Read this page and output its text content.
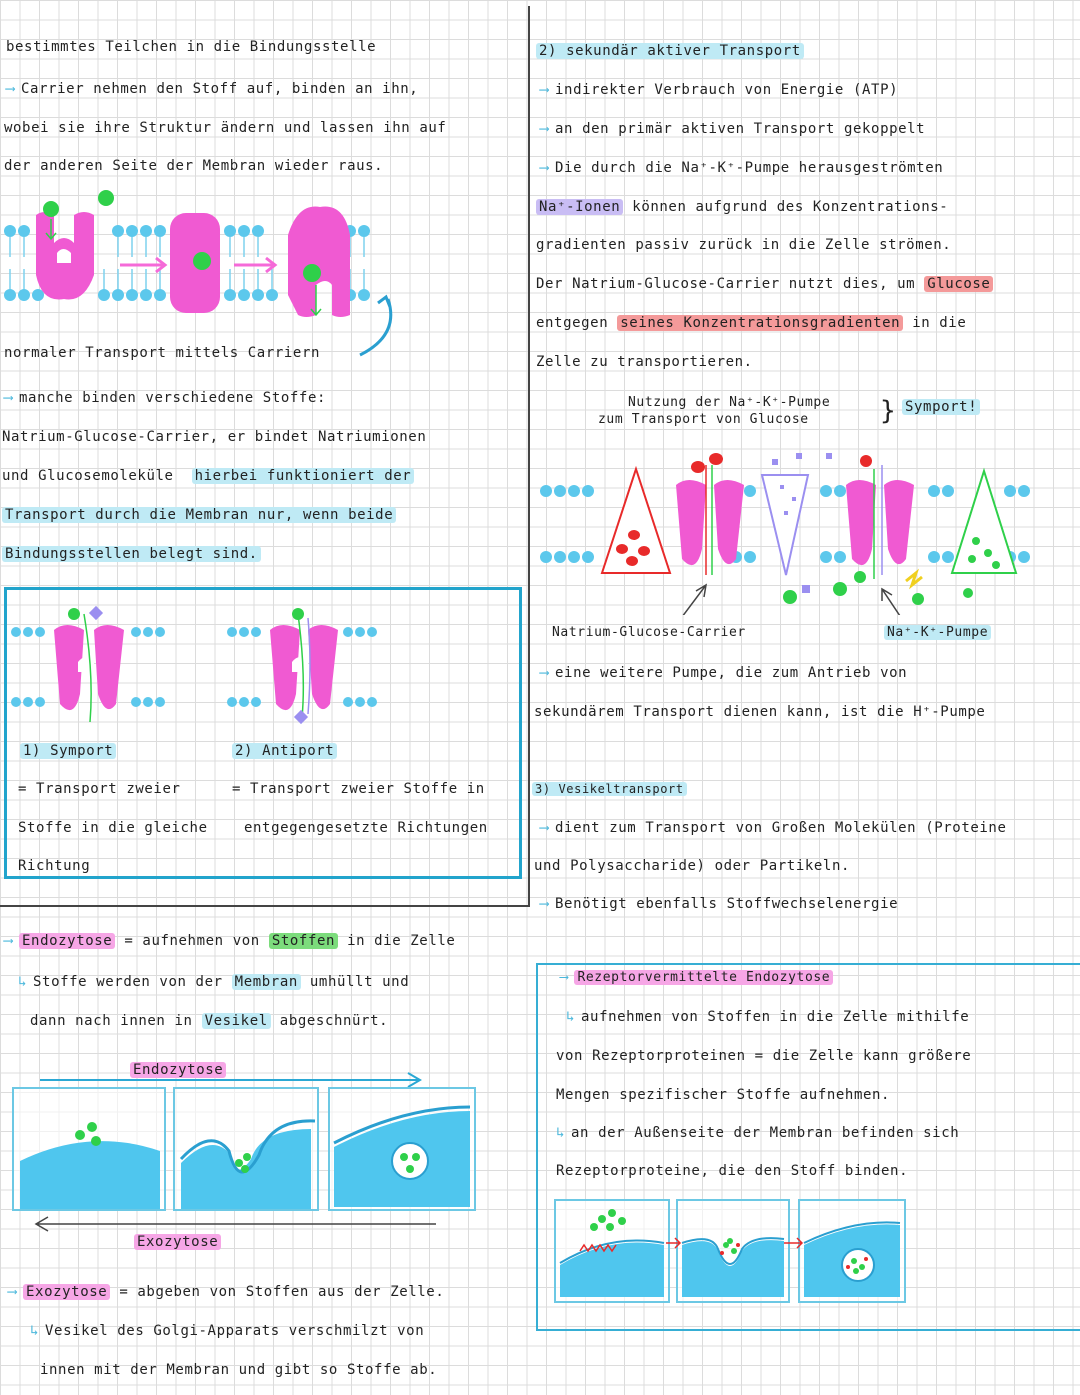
bestimmtes Teilchen in die Bindungsstelle
⟶ Carrier nehmen den Stoff auf, binden an ihn,
wobei sie ihre Struktur ändern und lassen ihn auf
der anderen Seite der Membran wieder raus.
normaler Transport mittels Carriern
⟶ manche binden verschiedene Stoffe:
Natrium-Glucose-Carrier, er bindet Natriumionen
und Glucosemoleküle hierbei funktioniert der
Transport durch die Membran nur, wenn beide
Bindungsstellen belegt sind.
1) Symport
= Transport zweier
Stoffe in die gleiche
Richtung
2) Antiport
= Transport zweier Stoffe in
entgegengesetzte Richtungen
⟶ Endozytose = aufnehmen von Stoffen in die Zelle
↳ Stoffe werden von der Membran umhüllt und
dann nach innen in Vesikel abgeschnürt.
Endozytose
Exozytose
⟶ Exozytose = abgeben von Stoffen aus der Zelle.
↳ Vesikel des Golgi-Apparats verschmilzt von
innen mit der Membran und gibt so Stoffe ab.
2) sekundär aktiver Transport
⟶ indirekter Verbrauch von Energie (ATP)
⟶ an den primär aktiven Transport gekoppelt
⟶ Die durch die Na⁺-K⁺-Pumpe herausgeströmten
Na⁺-Ionen können aufgrund des Konzentrations-
gradienten passiv zurück in die Zelle strömen.
Der Natrium-Glucose-Carrier nutzt dies, um Glucose
entgegen seines Konzentrationsgradienten in die
Zelle zu transportieren.
Nutzung der Na⁺-K⁺-Pumpe
zum Transport von Glucose	} Symport!
Natrium-Glucose-Carrier	Na⁺-K⁺-Pumpe
⟶ eine weitere Pumpe, die zum Antrieb von
sekundärem Transport dienen kann, ist die H⁺-Pumpe
3) Vesikeltransport
⟶ dient zum Transport von Großen Molekülen (Proteine
und Polysaccharide) oder Partikeln.
⟶ Benötigt ebenfalls Stoffwechselenergie
⟶ Rezeptorvermittelte Endozytose
↳ aufnehmen von Stoffen in die Zelle mithilfe
von Rezeptorproteinen = die Zelle kann größere
Mengen spezifischer Stoffe aufnehmen.
↳ an der Außenseite der Membran befinden sich
Rezeptorproteine, die den Stoff binden.
